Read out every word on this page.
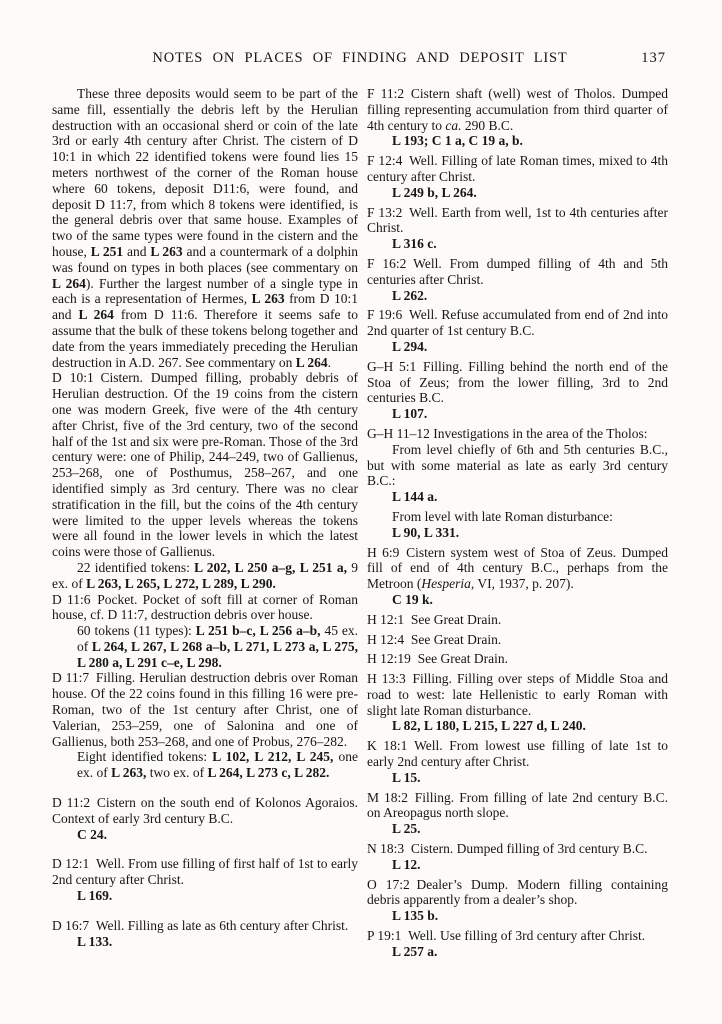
NOTES ON PLACES OF FINDING AND DEPOSIT LIST	137
These three deposits would seem to be part of the same fill, essentially the debris left by the Herulian destruction with an occasional sherd or coin of the late 3rd or early 4th century after Christ. The cistern of D 10:1 in which 22 identified tokens were found lies 15 meters northwest of the corner of the Roman house where 60 tokens, deposit D11:6, were found, and deposit D 11:7, from which 8 tokens were identified, is the general debris over that same house. Examples of two of the same types were found in the cistern and the house, L 251 and L 263 and a countermark of a dolphin was found on types in both places (see commentary on L 264). Further the largest number of a single type in each is a representation of Hermes, L 263 from D 10:1 and L 264 from D 11:6. Therefore it seems safe to assume that the bulk of these tokens belong together and date from the years immediately preceding the Herulian destruction in A.D. 267. See commentary on L 264.
D 10:1 Cistern. Dumped filling, probably debris of Herulian destruction. Of the 19 coins from the cistern one was modern Greek, five were of the 4th century after Christ, five of the 3rd century, two of the second half of the 1st and six were pre-Roman. Those of the 3rd century were: one of Philip, 244–249, two of Gallienus, 253–268, one of Posthumus, 258–267, and one identified simply as 3rd century. There was no clear stratification in the fill, but the coins of the 4th century were limited to the upper levels whereas the tokens were all found in the lower levels in which the latest coins were those of Gallienus.
22 identified tokens: L 202, L 250 a–g, L 251 a, 9 ex. of L 263, L 265, L 272, L 289, L 290.
D 11:6 Pocket. Pocket of soft fill at corner of Roman house, cf. D 11:7, destruction debris over house.
60 tokens (11 types): L 251 b–c, L 256 a–b, 45 ex. of L 264, L 267, L 268 a–b, L 271, L 273 a, L 275, L 280 a, L 291 c–e, L 298.
D 11:7 Filling. Herulian destruction debris over Roman house. Of the 22 coins found in this filling 16 were pre-Roman, two of the 1st century after Christ, one of Valerian, 253–259, one of Salonina and one of Gallienus, both 253–268, and one of Probus, 276–282.
Eight identified tokens: L 102, L 212, L 245, one ex. of L 263, two ex. of L 264, L 273 c, L 282.
D 11:2 Cistern on the south end of Kolonos Agoraios. Context of early 3rd century B.C.
C 24.
D 12:1 Well. From use filling of first half of 1st to early 2nd century after Christ.
L 169.
D 16:7 Well. Filling as late as 6th century after Christ.
L 133.
F 11:2 Cistern shaft (well) west of Tholos. Dumped filling representing accumulation from third quarter of 4th century to ca. 290 B.C.
L 193; C 1 a, C 19 a, b.
F 12:4 Well. Filling of late Roman times, mixed to 4th century after Christ.
L 249 b, L 264.
F 13:2 Well. Earth from well, 1st to 4th centuries after Christ.
L 316 c.
F 16:2 Well. From dumped filling of 4th and 5th centuries after Christ.
L 262.
F 19:6 Well. Refuse accumulated from end of 2nd into 2nd quarter of 1st century B.C.
L 294.
G–H 5:1 Filling. Filling behind the north end of the Stoa of Zeus; from the lower filling, 3rd to 2nd centuries B.C.
L 107.
G–H 11–12 Investigations in the area of the Tholos:
From level chiefly of 6th and 5th centuries B.C., but with some material as late as early 3rd century B.C.:
L 144 a.
From level with late Roman disturbance:
L 90, L 331.
H 6:9 Cistern system west of Stoa of Zeus. Dumped fill of end of 4th century B.C., perhaps from the Metroon (Hesperia, VI, 1937, p. 207).
C 19 k.
H 12:1 See Great Drain.
H 12:4 See Great Drain.
H 12:19 See Great Drain.
H 13:3 Filling. Filling over steps of Middle Stoa and road to west: late Hellenistic to early Roman with slight late Roman disturbance.
L 82, L 180, L 215, L 227 d, L 240.
K 18:1 Well. From lowest use filling of late 1st to early 2nd century after Christ.
L 15.
M 18:2 Filling. From filling of late 2nd century B.C. on Areopagus north slope.
L 25.
N 18:3 Cistern. Dumped filling of 3rd century B.C.
L 12.
O 17:2 Dealer’s Dump. Modern filling containing debris apparently from a dealer’s shop.
L 135 b.
P 19:1 Well. Use filling of 3rd century after Christ.
L 257 a.
